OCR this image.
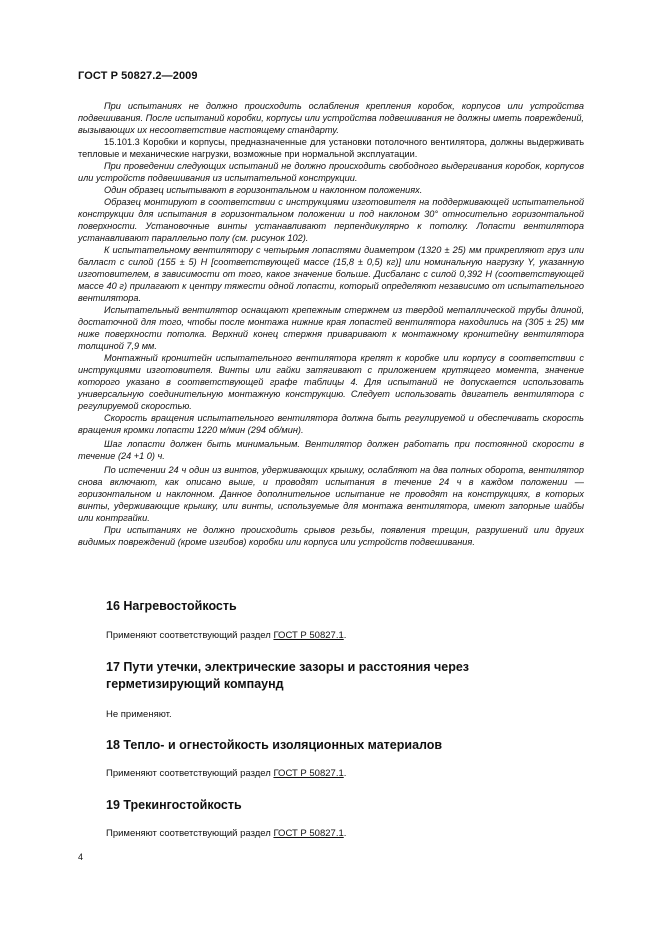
ГОСТ Р 50827.2—2009

При испытаниях не должно происходить ослабления крепления коробок, корпусов или устройства подвешивания. После испытаний коробки, корпусы или устройства подвешивания не должны иметь повреждений, вызывающих их несоответствие настоящему стандарту.

15.101.3 Коробки и корпусы, предназначенные для установки потолочного вентилятора, должны выдерживать тепловые и механические нагрузки, возможные при нормальной эксплуатации.

При проведении следующих испытаний не должно происходить свободного выдергивания коробок, корпусов или устройств подвешивания из испытательной конструкции.

Один образец испытывают в горизонтальном и наклонном положениях.

Образец монтируют в соответствии с инструкциями изготовителя на поддерживающей испытательной конструкции для испытания в горизонтальном положении и под наклоном 30° относительно горизонтальной поверхности. Установочные винты устанавливают перпендикулярно к потолку. Лопасти вентилятора устанавливают параллельно полу (см. рисунок 102).

К испытательному вентилятору с четырьмя лопастями диаметром (1320 ± 25) мм прикрепляют груз или балласт с силой (155 ± 5) Н [соответствующей массе (15,8 ± 0,5) кг)] или номинальную нагрузку Y, указанную изготовителем, в зависимости от того, какое значение больше. Дисбаланс с силой 0,392 Н (соответствующей массе 40 г) прилагают к центру тяжести одной лопасти, который определяют независимо от испытательного вентилятора.

Испытательный вентилятор оснащают крепежным стержнем из твердой металлической трубы длиной, достаточной для того, чтобы после монтажа нижние края лопастей вентилятора находились на (305 ± 25) мм ниже поверхности потолка. Верхний конец стержня приваривают к монтажному кронштейну вентилятора толщиной 7,9 мм.

Монтажный кронштейн испытательного вентилятора крепят к коробке или корпусу в соответствии с инструкциями изготовителя. Винты или гайки затягивают с приложением крутящего момента, значение которого указано в соответствующей графе таблицы 4. Для испытаний не допускается использовать универсальную соединительную монтажную конструкцию. Следует использовать двигатель вентилятора с регулируемой скоростью.

Скорость вращения испытательного вентилятора должна быть регулируемой и обеспечивать скорость вращения кромки лопасти 1220 м/мин (294 об/мин).

Шаг лопасти должен быть минимальным. Вентилятор должен работать при постоянной скорости в течение (24 +1 0) ч.

По истечении 24 ч один из винтов, удерживающих крышку, ослабляют на два полных оборота, вентилятор снова включают, как описано выше, и проводят испытания в течение 24 ч в каждом положении — горизонтальном и наклонном. Данное дополнительное испытание не проводят на конструкциях, в которых винты, удерживающие крышку, или винты, используемые для монтажа вентилятора, имеют запорные шайбы или контргайки.

При испытаниях не должно происходить срывов резьбы, появления трещин, разрушений или других видимых повреждений (кроме изгибов) коробки или корпуса или устройств подвешивания.

16 Нагревостойкость
Применяют соответствующий раздел ГОСТ Р 50827.1.
17 Пути утечки, электрические зазоры и расстояния через герметизирующий компаунд
Не применяют.
18 Тепло- и огнестойкость изоляционных материалов
Применяют соответствующий раздел ГОСТ Р 50827.1.
19 Трекингостойкость
Применяют соответствующий раздел ГОСТ Р 50827.1.
4
